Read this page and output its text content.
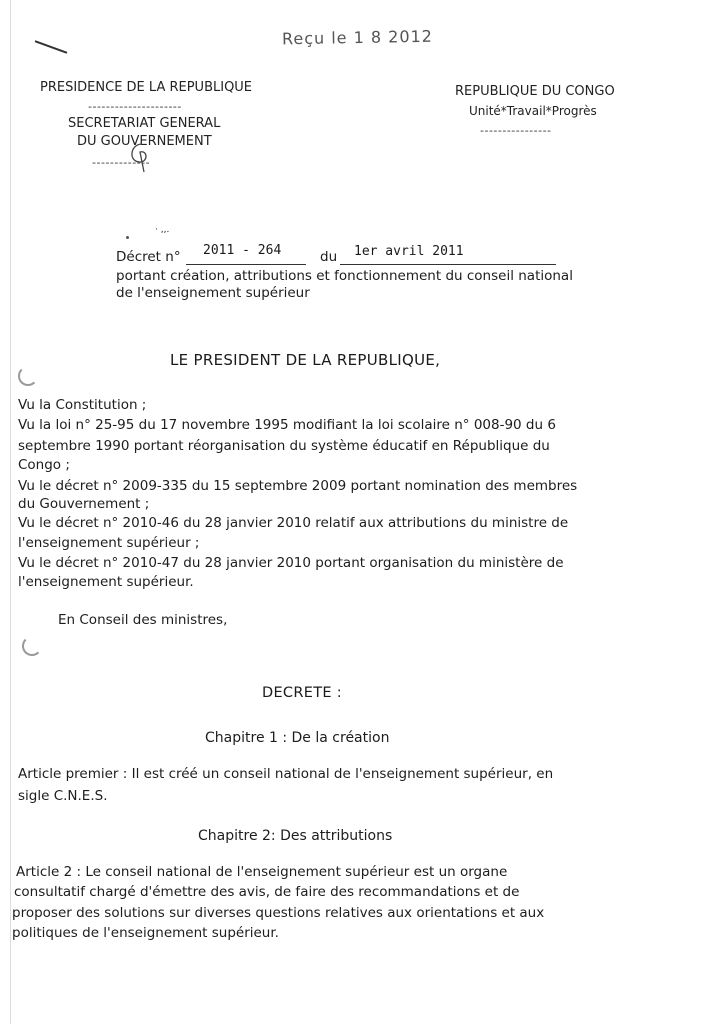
Reçu le 1 8 2012
PRESIDENCE DE LA REPUBLIQUE
---------------------
SECRETARIAT GENERAL
DU GOUVERNEMENT
-------------
REPUBLIQUE DU CONGO
Unité*Travail*Progrès
----------------
· ,,.
Décret n° 2011 - 264	du 1er avril 2011
portant création, attributions et fonctionnement du conseil national
de l'enseignement supérieur
LE PRESIDENT DE LA REPUBLIQUE,
Vu la Constitution ;
Vu la loi n° 25-95 du 17 novembre 1995 modifiant la loi scolaire n° 008-90 du 6
septembre 1990 portant réorganisation du système éducatif en République du
Congo ;
Vu le décret n° 2009-335 du 15 septembre 2009 portant nomination des membres
du Gouvernement ;
Vu le décret n° 2010-46 du 28 janvier 2010 relatif aux attributions du ministre de
l'enseignement supérieur ;
Vu le décret n° 2010-47 du 28 janvier 2010 portant organisation du ministère de
l'enseignement supérieur.
En Conseil des ministres,
DECRETE :
Chapitre 1 : De la création
Article premier : Il est créé un conseil national de l'enseignement supérieur, en
sigle C.N.E.S.
Chapitre 2: Des attributions
Article 2 : Le conseil national de l'enseignement supérieur est un organe
consultatif chargé d'émettre des avis, de faire des recommandations et de
proposer des solutions sur diverses questions relatives aux orientations et aux
politiques de l'enseignement supérieur.
